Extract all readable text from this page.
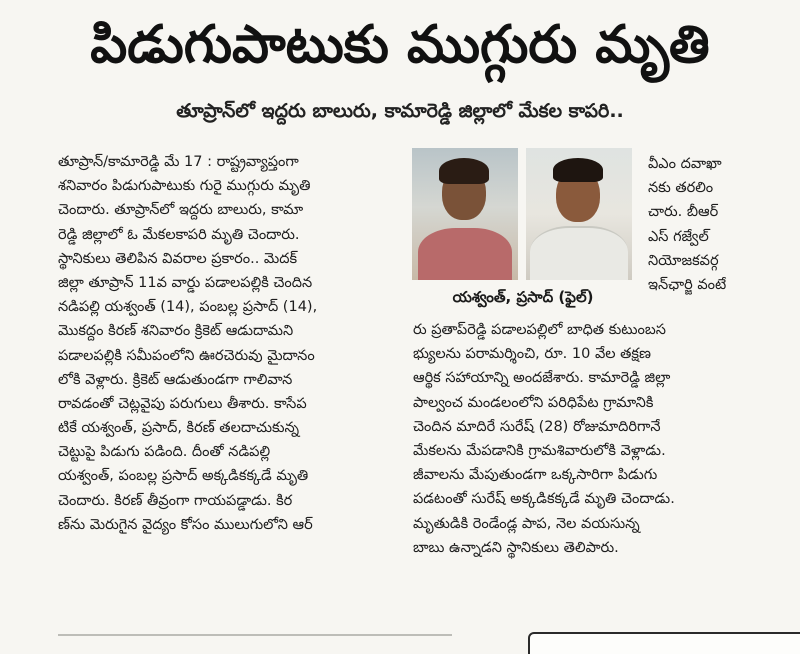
పిడుగుపాటుకు ముగ్గురు మృతి
తూప్రాన్‌లో ఇద్దరు బాలురు, కామారెడ్డి జిల్లాలో మేకల కాపరి..
తూప్రాన్/కామారెడ్డి మే 17 : రాష్ట్రవ్యాప్తంగా
శనివారం పిడుగుపాటుకు గురై ముగ్గురు మృతి
చెందారు. తూప్రాన్‌లో ఇద్దరు బాలురు, కామా
రెడ్డి జిల్లాలో ఓ మేకలకాపరి మృతి చెందారు.
స్థానికులు తెలిపిన వివరాల ప్రకారం.. మెదక్
జిల్లా తూప్రాన్ 11వ వార్డు పడాలపల్లికి చెందిన
నడిపల్లి యశ్వంత్ (14), పంబల్ల ప్రసాద్ (14),
మొకద్దం కిరణ్ శనివారం క్రికెట్ ఆడుదామని
పడాలపల్లికి సమీపంలోని ఊరచెరువు మైదానం
లోకి వెళ్లారు. క్రికెట్ ఆడుతుండగా గాలివాన
రావడంతో చెట్లవైపు పరుగులు తీశారు. కాసేప
టికే యశ్వంత్, ప్రసాద్, కిరణ్ తలదాచుకున్న
చెట్టుపై పిడుగు పడింది. దీంతో నడిపల్లి
యశ్వంత్, పంబల్ల ప్రసాద్ అక్కడికక్కడే మృతి
చెందారు. కిరణ్ తీవ్రంగా గాయపడ్డాడు. కిర
ణ్‌ను మెరుగైన వైద్యం కోసం ములుగులోని ఆర్
యశ్వంత్, ప్రసాద్ (ఫైల్)
వీఎం దవాఖా
నకు తరలిం
చారు. బీఆర్
ఎస్ గజ్వేల్
నియోజకవర్గ
ఇన్‌ఛార్జి వంటే
రు ప్రతాప్‌రెడ్డి పడాలపల్లిలో బాధిత కుటుంబస
భ్యులను పరామర్శించి, రూ. 10 వేల తక్షణ
ఆర్థిక సహాయాన్ని అందజేశారు. కామారెడ్డి జిల్లా
పాల్వంచ మండలంలోని పరిధిపేట గ్రామానికి
చెందిన మాదిరే సురేష్ (28) రోజుమాదిరిగానే
మేకలను మేపడానికి గ్రామశివారులోకి వెళ్లాడు.
జీవాలను మేపుతుండగా ఒక్కసారిగా పిడుగు
పడటంతో సురేష్ అక్కడికక్కడే మృతి చెందాడు.
మృతుడికి రెండేండ్ల పాప, నెల వయసున్న
బాబు ఉన్నాడని స్థానికులు తెలిపారు.
